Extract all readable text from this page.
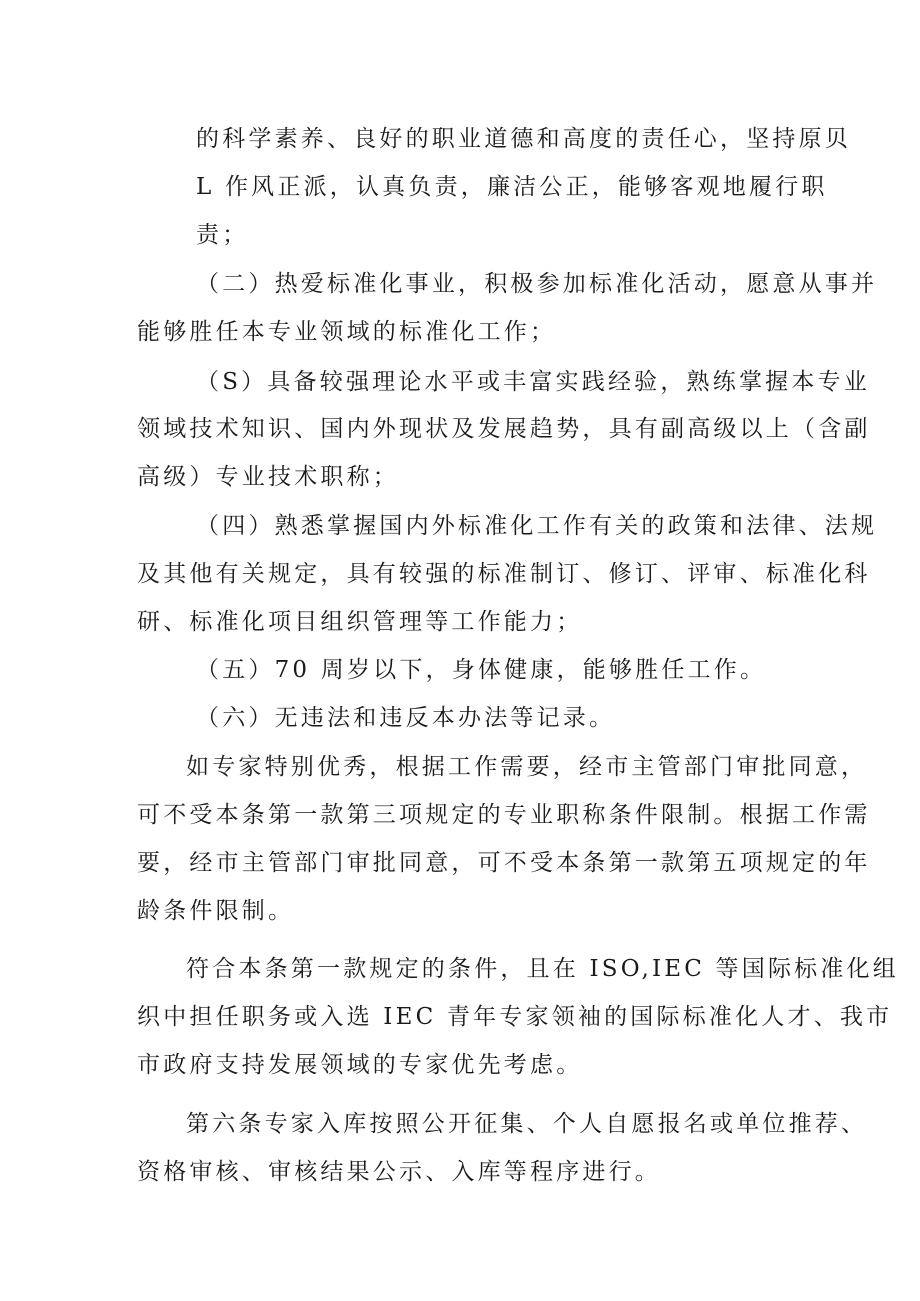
的科学素养、良好的职业道德和高度的责任心，坚持原贝
L 作风正派，认真负责，廉洁公正，能够客观地履行职
责；
（二）热爱标准化事业，积极参加标准化活动，愿意从事并
能够胜任本专业领域的标准化工作；
（S）具备较强理论水平或丰富实践经验，熟练掌握本专业
领域技术知识、国内外现状及发展趋势，具有副高级以上（含副
高级）专业技术职称；
（四）熟悉掌握国内外标准化工作有关的政策和法律、法规
及其他有关规定，具有较强的标准制订、修订、评审、标准化科
研、标准化项目组织管理等工作能力；
（五）70 周岁以下，身体健康，能够胜任工作。
（六）无违法和违反本办法等记录。
如专家特别优秀，根据工作需要，经市主管部门审批同意，
可不受本条第一款第三项规定的专业职称条件限制。根据工作需
要，经市主管部门审批同意，可不受本条第一款第五项规定的年
龄条件限制。
符合本条第一款规定的条件，且在 ISO,IEC 等国际标准化组
织中担任职务或入选 IEC 青年专家领袖的国际标准化人才、我市
市政府支持发展领域的专家优先考虑。
第六条专家入库按照公开征集、个人自愿报名或单位推荐、
资格审核、审核结果公示、入库等程序进行。
